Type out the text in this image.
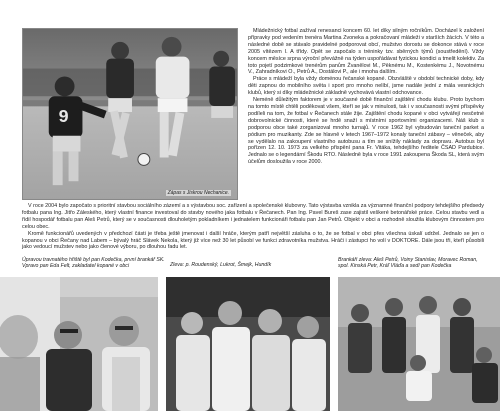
9
Zápas s Jiskrou Nechanice.

Mládežnický fotbal zažíval renesanci koncem 60. let díky silným ročníkům. Docházel k založení přípravky pod vedením trenéra Martina Zvoneka a pokračovaní mládeži v starších žácích. V této a následné době se stávalo pravidelné podporovat obcí, mužstvo dorostu se dokonce stává v roce 2005 vítězem I. A třídy. Opět se započalo s tréninky tzv. sběrných týmů (soustředění). Vždy koncem měsíce srpna výroční převážně na týden uspořádávat fyzickou kondici a tmelit kolektiv. Za toto pojetí podzimkové trenérům panům Žvanělovi M., Pěknému M., Kostenkému J., Novotnému V., Zahradníkovi O., Petrů A., Dostálovi P., ale i mnoha dalším.

Práce s mládeží byla vždy doménou řečanské kopané. Obzvláště v období technické doby, kdy děti zapnou do mobilního světa i sport pro mnoho nelíbí, jsme nadále jední z mála vesnických klubů, který si díky mládežnické základně vychovává vlastní odchovance.

Neméně důležitým faktorem je v současné době finanční zajištění chodu klubu. Proto bychom na tomto místě chtěli poděkovat všem, kteří se jak v minulosti, tak i v současnosti svými příspěvky podíleli na tom, že fotbal v Řečanech stále žije. Zajištění chodu kopané v obci vytvářejí nesčetné dobrovolnické činnosti, které se hrdě snaží s místními sportovními organizacemi. Náš klub s podporou obce také zorganizoval mnoho turnajů. V roce 1962 byl vybudován taneční parket a pódium pro muzikanty. Zde se hlavně v letech 1967–1972 konaly taneční zábavy – věneček, aby se vydělalo na zakoupení vlastního autobusu a tím se snížily náklady za dopravu. Autobus byl pořízen 12. 10. 1973 za velkého přispění pana Fr. Vitáka, tehdejšího ředitele ČSAD Pardubice. Jednalo se o legendární Škodu RTO. Následně byla v roce 1991 zakoupena Škoda SL, která svým účelům dosloužila v roce 2000.

V roce 2004 bylo započato s prioritní stavbou sociálního zázemí a s výstavbou soc. zařízení a společenské klubovny. Tato výstavba vznikla za významné finanční podpory tehdejšího předsedy fotbalu pana Ing. Jitřo Záleského, který vlastní finance investoval do stavby nového jaka fotbalu v Řečanech. Pan Ing. Pavel Bureš zase zajistil veškeré betonářské práce. Celou stavbu vedl a řídil hospodář fotbalu pan Aleš Petrů, který se v současnosti dlouholetým pokladníkem i jednatelem funkcionáři fotbalu pan Jan Petrů. Objekt v obci a rozhodně sloužila klubovým činnostem pro celou obec.

Kromě funkcionářů uvedených v předchozí části je třeba ještě jmenovat i další hráče, kterým patří největší zásluha o to, že se fotbal v obci přes všechna úskalí udržel. Jednalo se jen o kopanou v obci Řečany nad Labem – bývalý hráč Slávek Nekola, který již více než 30 let působí ve funkci zdravotníka mužstva. Hráči i zástupci ho volí v DOKTORE. Dále jsou tři, kteří působili jako vedoucí mužstev nebo jako členové výboru, po dlouhou řadu let.

Úpravou travnatého hřiště byl pan Kodečka, první brankář SK. Vpravo pan Eda Felt, zakladatel kopané v obci	Zleva: p. Roudenský, Lukrot, Šmejk, Hundík
Brankáři zleva: Aleš Petrů, Voiny Stanislav, Moravec Roman, spol. Kinská Petr, Kráľ Vláďa a sedí pan Kodečka
